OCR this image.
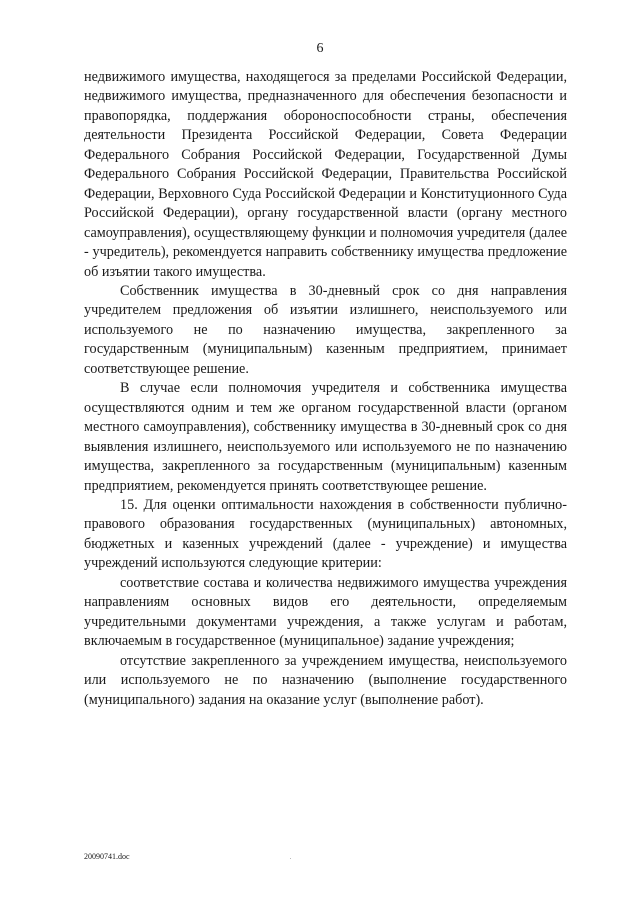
6

недвижимого имущества, находящегося за пределами Российской Федерации, недвижимого имущества, предназначенного для обеспечения безопасности и правопорядка, поддержания обороноспособности страны, обеспечения деятельности Президента Российской Федерации, Совета Федерации Федерального Собрания Российской Федерации, Государственной Думы Федерального Собрания Российской Федерации, Правительства Российской Федерации, Верховного Суда Российской Федерации и Конституционного Суда Российской Федерации), органу государственной власти (органу местного самоуправления), осуществляющему функции и полномочия учредителя (далее - учредитель), рекомендуется направить собственнику имущества предложение об изъятии такого имущества.

Собственник имущества в 30-дневный срок со дня направления учредителем предложения об изъятии излишнего, неиспользуемого или используемого не по назначению имущества, закрепленного за государственным (муниципальным) казенным предприятием, принимает соответствующее решение.

В случае если полномочия учредителя и собственника имущества осуществляются одним и тем же органом государственной власти (органом местного самоуправления), собственнику имущества в 30-дневный срок со дня выявления излишнего, неиспользуемого или используемого не по назначению имущества, закрепленного за государственным (муниципальным) казенным предприятием, рекомендуется принять соответствующее решение.

15. Для оценки оптимальности нахождения в собственности публично-правового образования государственных (муниципальных) автономных, бюджетных и казенных учреждений (далее - учреждение) и имущества учреждений используются следующие критерии:

соответствие состава и количества недвижимого имущества учреждения направлениям основных видов его деятельности, определяемым учредительными документами учреждения, а также услугам и работам, включаемым в государственное (муниципальное) задание учреждения;

отсутствие закрепленного за учреждением имущества, неиспользуемого или используемого не по назначению (выполнение государственного (муниципального) задания на оказание услуг (выполнение работ).

20090741.doc
